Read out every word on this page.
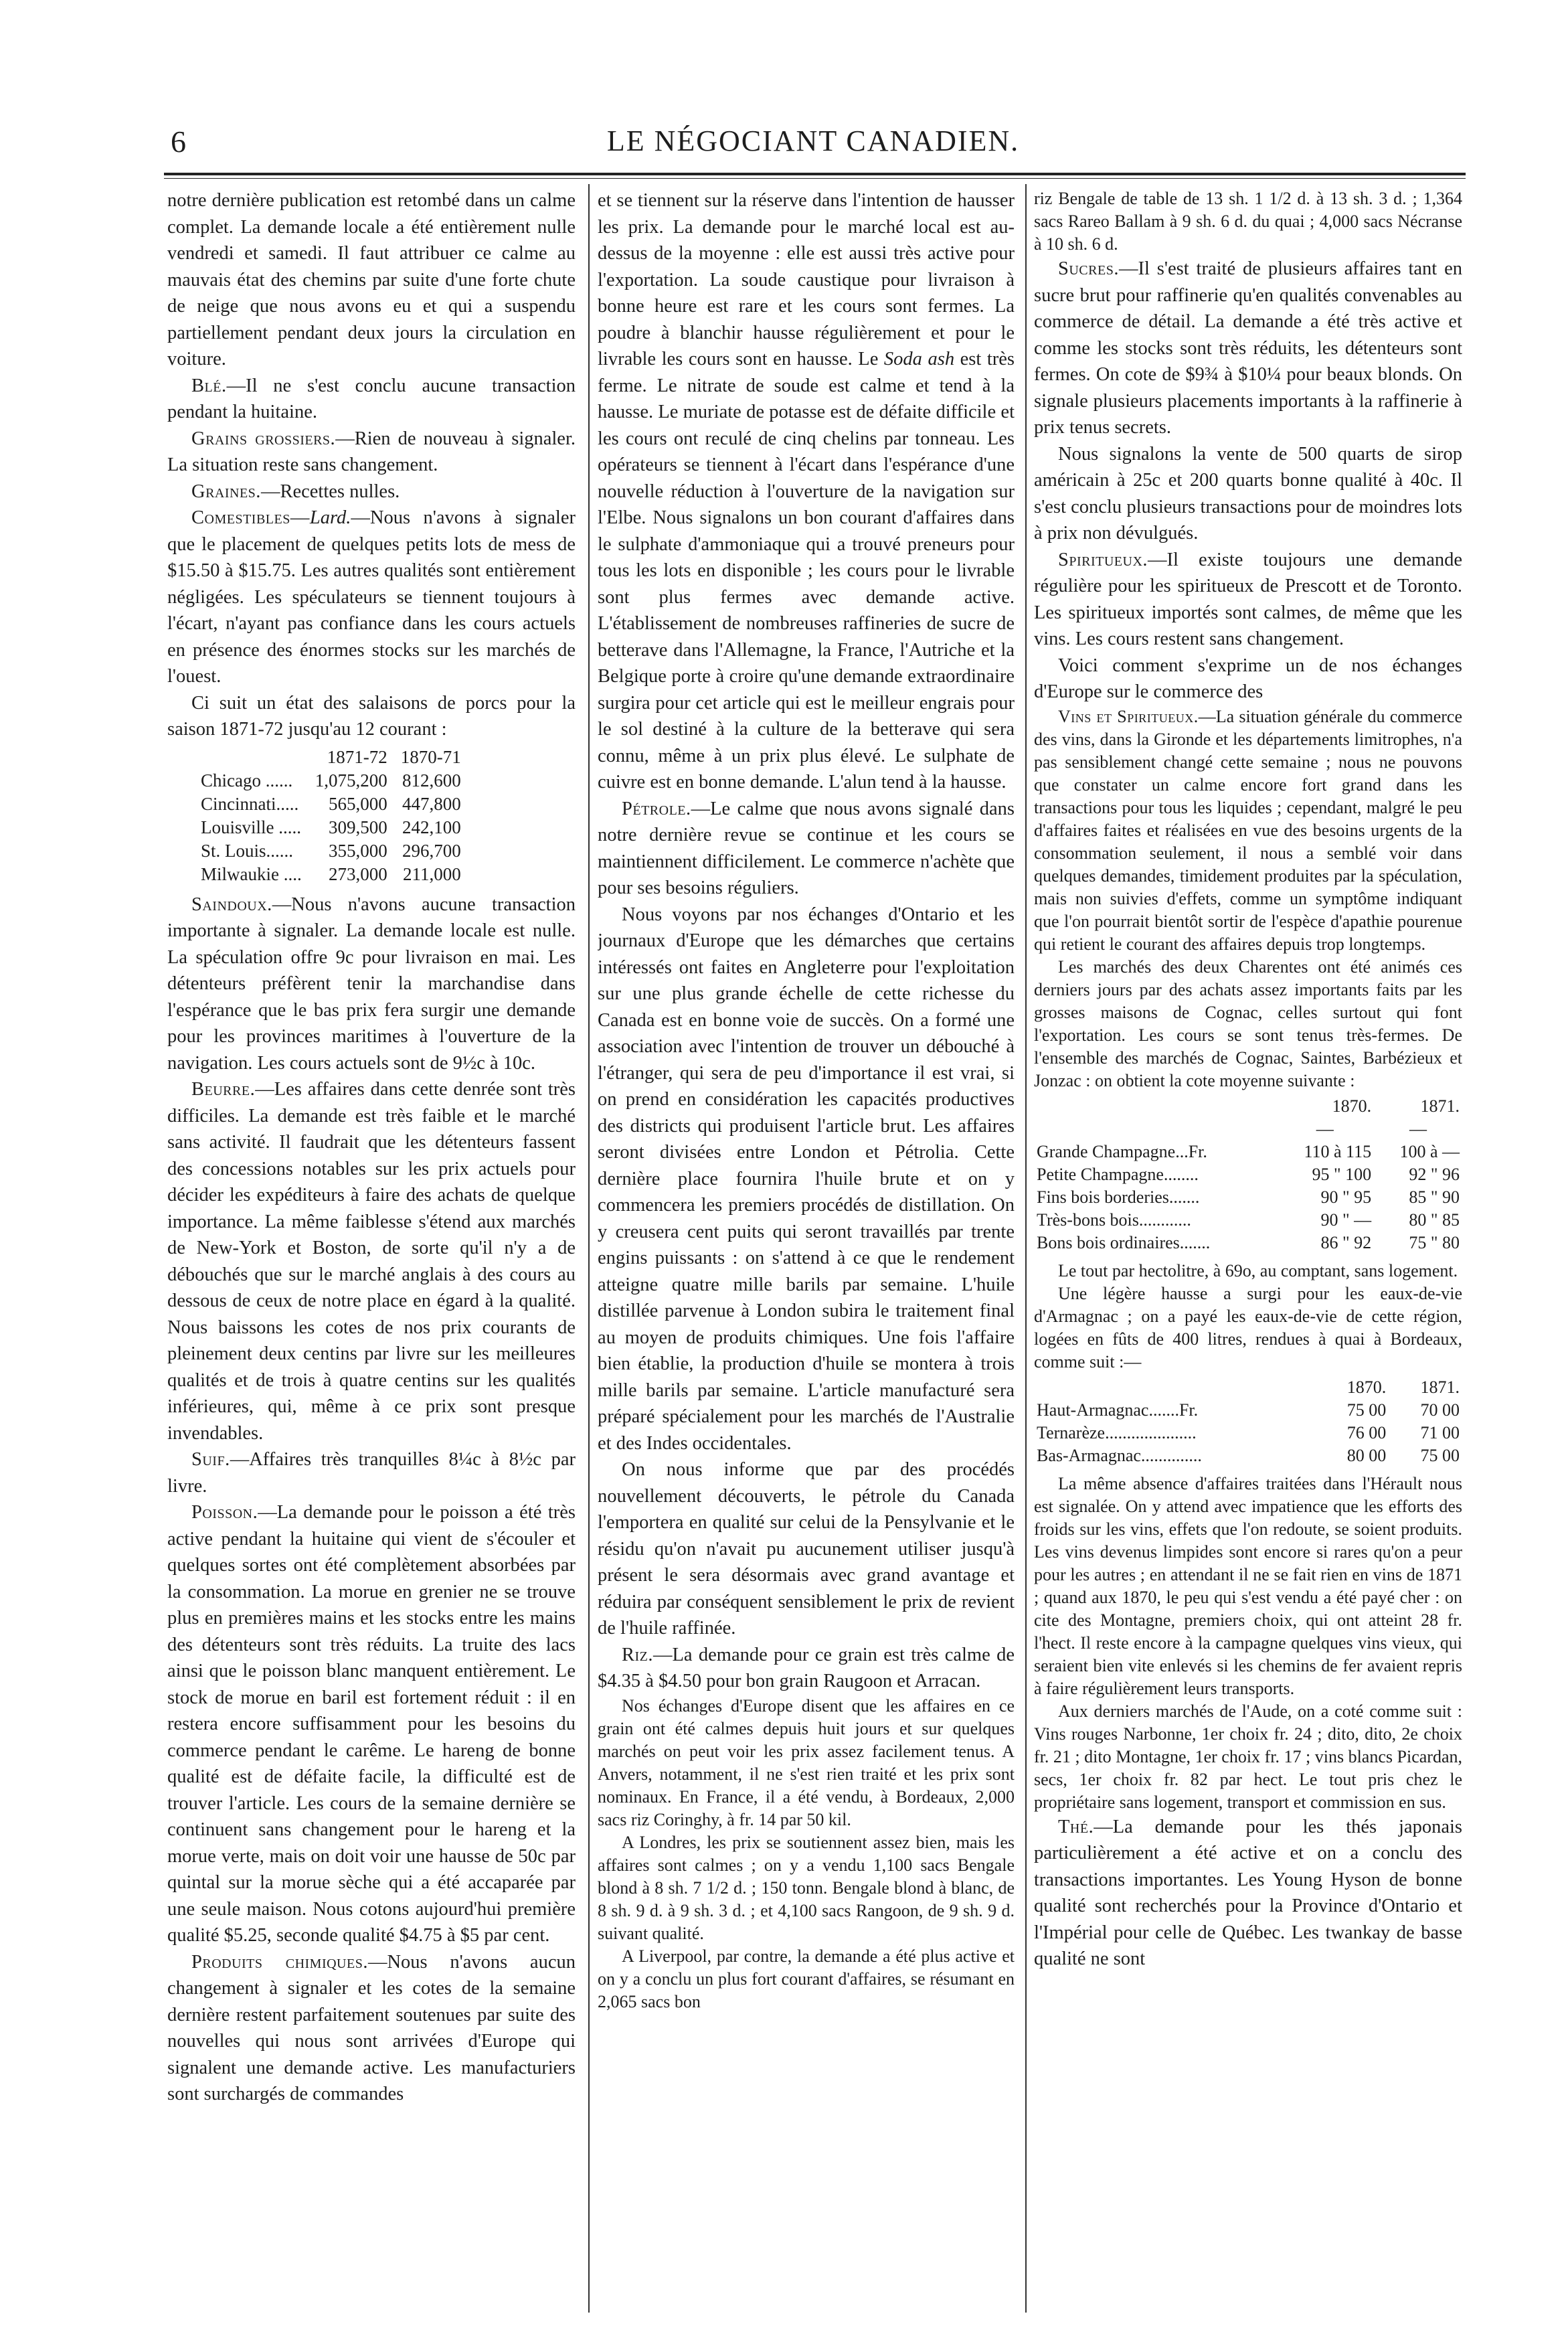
6	LE NÉGOCIANT CANADIEN.

notre dernière publication est retombé dans un calme complet. La demande locale a été entièrement nulle vendredi et samedi. Il faut attribuer ce calme au mauvais état des chemins par suite d'une forte chute de neige que nous avons eu et qui a suspendu partiellement pendant deux jours la circulation en voiture.

Blé.—Il ne s'est conclu aucune transaction pendant la huitaine.

Grains grossiers.—Rien de nouveau à signaler. La situation reste sans changement.

Graines.—Recettes nulles.

Comestibles—Lard.—Nous n'avons à signaler que le placement de quelques petits lots de mess de $15.50 à $15.75. Les autres qualités sont entièrement négligées. Les spéculateurs se tiennent toujours à l'écart, n'ayant pas confiance dans les cours actuels en présence des énormes stocks sur les marchés de l'ouest.

Ci suit un état des salaisons de porcs pour la saison 1871-72 jusqu'au 12 courant :

	1871-72	1870-71
Chicago ......	1,075,200	812,600
Cincinnati.....	565,000	447,800
Louisville .....	309,500	242,100
St. Louis......	355,000	296,700
Milwaukie ....	273,000	211,000

Saindoux.—Nous n'avons aucune transaction importante à signaler. La demande locale est nulle. La spéculation offre 9c pour livraison en mai. Les détenteurs préfèrent tenir la marchandise dans l'espérance que le bas prix fera surgir une demande pour les provinces maritimes à l'ouverture de la navigation. Les cours actuels sont de 9½c à 10c.

Beurre.—Les affaires dans cette denrée sont très difficiles. La demande est très faible et le marché sans activité. Il faudrait que les détenteurs fassent des concessions notables sur les prix actuels pour décider les expéditeurs à faire des achats de quelque importance. La même faiblesse s'étend aux marchés de New-York et Boston, de sorte qu'il n'y a de débouchés que sur le marché anglais à des cours au dessous de ceux de notre place en égard à la qualité. Nous baissons les cotes de nos prix courants de pleinement deux centins par livre sur les meilleures qualités et de trois à quatre centins sur les qualités inférieures, qui, même à ce prix sont presque invendables.

Suif.—Affaires très tranquilles 8¼c à 8½c par livre.

Poisson.—La demande pour le poisson a été très active pendant la huitaine qui vient de s'écouler et quelques sortes ont été complètement absorbées par la consommation. La morue en grenier ne se trouve plus en premières mains et les stocks entre les mains des détenteurs sont très réduits. La truite des lacs ainsi que le poisson blanc manquent entièrement. Le stock de morue en baril est fortement réduit : il en restera encore suffisamment pour les besoins du commerce pendant le carême. Le hareng de bonne qualité est de défaite facile, la difficulté est de trouver l'article. Les cours de la semaine dernière se continuent sans changement pour le hareng et la morue verte, mais on doit voir une hausse de 50c par quintal sur la morue sèche qui a été accaparée par une seule maison. Nous cotons aujourd'hui première qualité $5.25, seconde qualité $4.75 à $5 par cent.

Produits chimiques.—Nous n'avons aucun changement à signaler et les cotes de la semaine dernière restent parfaitement soutenues par suite des nouvelles qui nous sont arrivées d'Europe qui signalent une demande active. Les manufacturiers sont surchargés de commandes

et se tiennent sur la réserve dans l'intention de hausser les prix. La demande pour le marché local est au-dessus de la moyenne : elle est aussi très active pour l'exportation. La soude caustique pour livraison à bonne heure est rare et les cours sont fermes. La poudre à blanchir hausse régulièrement et pour le livrable les cours sont en hausse. Le Soda ash est très ferme. Le nitrate de soude est calme et tend à la hausse. Le muriate de potasse est de défaite difficile et les cours ont reculé de cinq chelins par tonneau. Les opérateurs se tiennent à l'écart dans l'espérance d'une nouvelle réduction à l'ouverture de la navigation sur l'Elbe. Nous signalons un bon courant d'affaires dans le sulphate d'ammoniaque qui a trouvé preneurs pour tous les lots en disponible ; les cours pour le livrable sont plus fermes avec demande active. L'établissement de nombreuses raffineries de sucre de betterave dans l'Allemagne, la France, l'Autriche et la Belgique porte à croire qu'une demande extraordinaire surgira pour cet article qui est le meilleur engrais pour le sol destiné à la culture de la betterave qui sera connu, même à un prix plus élevé. Le sulphate de cuivre est en bonne demande. L'alun tend à la hausse.

Pétrole.—Le calme que nous avons signalé dans notre dernière revue se continue et les cours se maintiennent difficilement. Le commerce n'achète que pour ses besoins réguliers.

Nous voyons par nos échanges d'Ontario et les journaux d'Europe que les démarches que certains intéressés ont faites en Angleterre pour l'exploitation sur une plus grande échelle de cette richesse du Canada est en bonne voie de succès. On a formé une association avec l'intention de trouver un débouché à l'étranger, qui sera de peu d'importance il est vrai, si on prend en considération les capacités productives des districts qui produisent l'article brut. Les affaires seront divisées entre London et Pétrolia. Cette dernière place fournira l'huile brute et on y commencera les premiers procédés de distillation. On y creusera cent puits qui seront travaillés par trente engins puissants : on s'attend à ce que le rendement atteigne quatre mille barils par semaine. L'huile distillée parvenue à London subira le traitement final au moyen de produits chimiques. Une fois l'affaire bien établie, la production d'huile se montera à trois mille barils par semaine. L'article manufacturé sera préparé spécialement pour les marchés de l'Australie et des Indes occidentales.

On nous informe que par des procédés nouvellement découverts, le pétrole du Canada l'emportera en qualité sur celui de la Pensylvanie et le résidu qu'on n'avait pu aucunement utiliser jusqu'à présent le sera désormais avec grand avantage et réduira par conséquent sensiblement le prix de revient de l'huile raffinée.

Riz.—La demande pour ce grain est très calme de $4.35 à $4.50 pour bon grain Raugoon et Arracan.

Nos échanges d'Europe disent que les affaires en ce grain ont été calmes depuis huit jours et sur quelques marchés on peut voir les prix assez facilement tenus. A Anvers, notamment, il ne s'est rien traité et les prix sont nominaux. En France, il a été vendu, à Bordeaux, 2,000 sacs riz Coringhy, à fr. 14 par 50 kil.

A Londres, les prix se soutiennent assez bien, mais les affaires sont calmes ; on y a vendu 1,100 sacs Bengale blond à 8 sh. 7 1/2 d. ; 150 tonn. Bengale blond à blanc, de 8 sh. 9 d. à 9 sh. 3 d. ; et 4,100 sacs Rangoon, de 9 sh. 9 d. suivant qualité.

A Liverpool, par contre, la demande a été plus active et on y a conclu un plus fort courant d'affaires, se résumant en 2,065 sacs bon

riz Bengale de table de 13 sh. 1 1/2 d. à 13 sh. 3 d. ; 1,364 sacs Rareo Ballam à 9 sh. 6 d. du quai ; 4,000 sacs Nécranse à 10 sh. 6 d.

Sucres.—Il s'est traité de plusieurs affaires tant en sucre brut pour raffinerie qu'en qualités convenables au commerce de détail. La demande a été très active et comme les stocks sont très réduits, les détenteurs sont fermes. On cote de $9¾ à $10¼ pour beaux blonds. On signale plusieurs placements importants à la raffinerie à prix tenus secrets.

Nous signalons la vente de 500 quarts de sirop américain à 25c et 200 quarts bonne qualité à 40c. Il s'est conclu plusieurs transactions pour de moindres lots à prix non dévulgués.

Spiritueux.—Il existe toujours une demande régulière pour les spiritueux de Prescott et de Toronto. Les spiritueux importés sont calmes, de même que les vins. Les cours restent sans changement.

Voici comment s'exprime un de nos échanges d'Europe sur le commerce des

Vins et Spiritueux.—La situation générale du commerce des vins, dans la Gironde et les départements limitrophes, n'a pas sensiblement changé cette semaine ; nous ne pouvons que constater un calme encore fort grand dans les transactions pour tous les liquides ; cependant, malgré le peu d'affaires faites et réalisées en vue des besoins urgents de la consommation seulement, il nous a semblé voir dans quelques demandes, timidement produites par la spéculation, mais non suivies d'effets, comme un symptôme indiquant que l'on pourrait bientôt sortir de l'espèce d'apathie pourenue qui retient le courant des affaires depuis trop longtemps.

Les marchés des deux Charentes ont été animés ces derniers jours par des achats assez importants faits par les grosses maisons de Cognac, celles surtout qui font l'exportation. Les cours se sont tenus très-fermes. De l'ensemble des marchés de Cognac, Saintes, Barbézieux et Jonzac : on obtient la cote moyenne suivante :

	1870.	1871.
	—	—
Grande Champagne...Fr.	110 à 115	100 à —
Petite Champagne........	95 " 100	92 " 96
Fins bois borderies.......	90 " 95	85 " 90
Très-bons bois............	90 " —	80 " 85
Bons bois ordinaires.......	86 " 92	75 " 80

Le tout par hectolitre, à 69o, au comptant, sans logement.

Une légère hausse a surgi pour les eaux-de-vie d'Armagnac ; on a payé les eaux-de-vie de cette région, logées en fûts de 400 litres, rendues à quai à Bordeaux, comme suit :—

	1870.	1871.
Haut-Armagnac.......Fr.	75 00	70 00
Ternarèze.....................	76 00	71 00
Bas-Armagnac..............	80 00	75 00

La même absence d'affaires traitées dans l'Hérault nous est signalée. On y attend avec impatience que les efforts des froids sur les vins, effets que l'on redoute, se soient produits. Les vins devenus limpides sont encore si rares qu'on a peur pour les autres ; en attendant il ne se fait rien en vins de 1871 ; quand aux 1870, le peu qui s'est vendu a été payé cher : on cite des Montagne, premiers choix, qui ont atteint 28 fr. l'hect. Il reste encore à la campagne quelques vins vieux, qui seraient bien vite enlevés si les chemins de fer avaient repris à faire régulièrement leurs transports.

Aux derniers marchés de l'Aude, on a coté comme suit : Vins rouges Narbonne, 1er choix fr. 24 ; dito, dito, 2e choix fr. 21 ; dito Montagne, 1er choix fr. 17 ; vins blancs Picardan, secs, 1er choix fr. 82 par hect. Le tout pris chez le propriétaire sans logement, transport et commission en sus.

Thé.—La demande pour les thés japonais particulièrement a été active et on a conclu des transactions importantes. Les Young Hyson de bonne qualité sont recherchés pour la Province d'Ontario et l'Impérial pour celle de Québec. Les twankay de basse qualité ne sont
